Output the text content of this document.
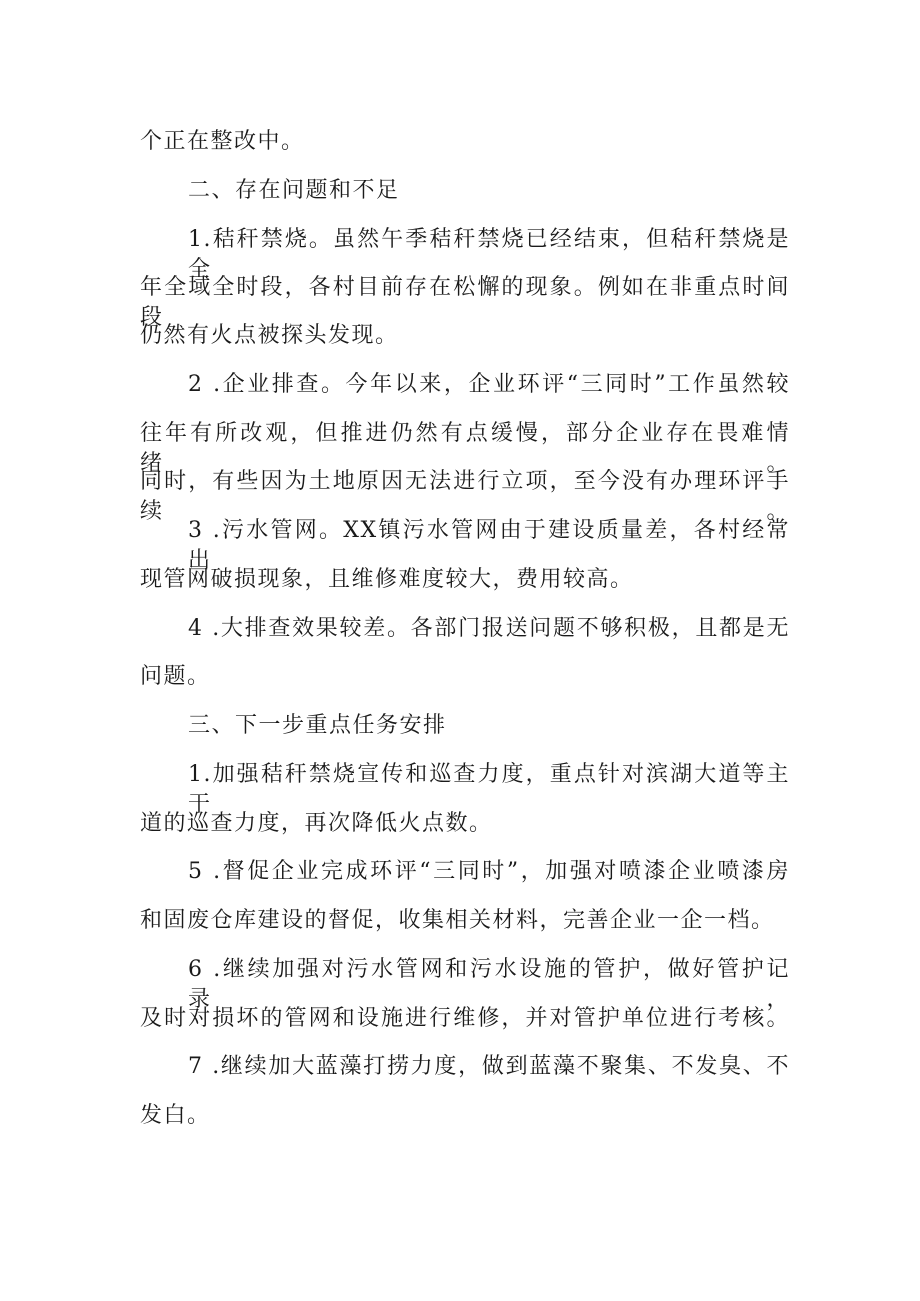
个正在整改中。
二、存在问题和不足
1.秸秆禁烧。虽然午季秸秆禁烧已经结束，但秸秆禁烧是全
年全域全时段，各村目前存在松懈的现象。例如在非重点时间段
仍然有火点被探头发现。
2 .企业排查。今年以来，企业环评“三同时”工作虽然较
往年有所改观，但推进仍然有点缓慢，部分企业存在畏难情绪。
同时，有些因为土地原因无法进行立项，至今没有办理环评手续。
3 .污水管网。XX镇污水管网由于建设质量差，各村经常出
现管网破损现象，且维修难度较大，费用较高。
4 .大排查效果较差。各部门报送问题不够积极，且都是无
问题。
三、下一步重点任务安排
1.加强秸秆禁烧宣传和巡查力度，重点针对滨湖大道等主干
道的巡查力度，再次降低火点数。
5 .督促企业完成环评“三同时”，加强对喷漆企业喷漆房
和固废仓库建设的督促，收集相关材料，完善企业一企一档。
6 .继续加强对污水管网和污水设施的管护，做好管护记录，
及时对损坏的管网和设施进行维修，并对管护单位进行考核。
7 .继续加大蓝藻打捞力度，做到蓝藻不聚集、不发臭、不
发白。
